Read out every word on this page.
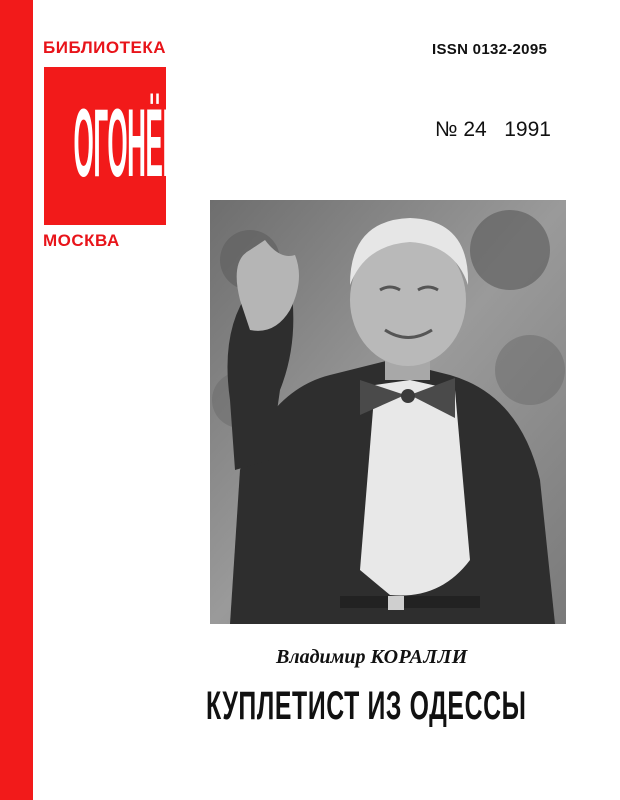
БИБЛИОТЕКА
ОГОНЁК
МОСКВА
ISSN 0132-2095
№ 24 1991
Владимир КОРАЛЛИ
КУПЛЕТИСТ ИЗ ОДЕССЫ
